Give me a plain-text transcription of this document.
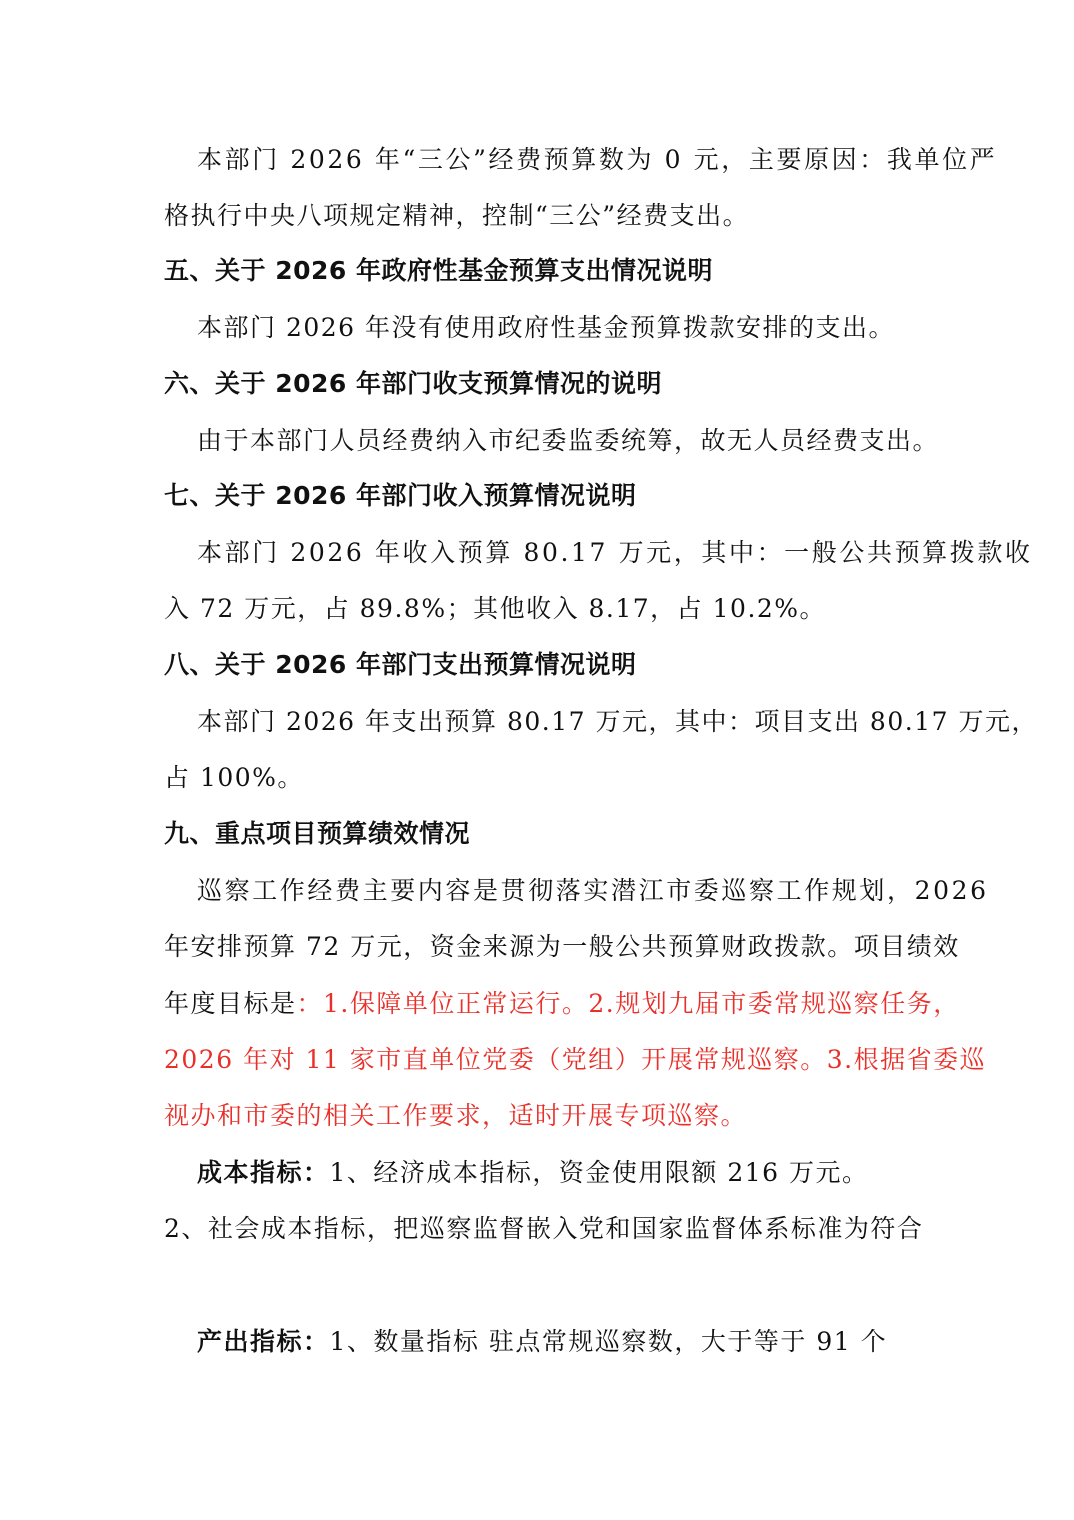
本部门 2026 年“三公”经费预算数为 0 元，主要原因：我单位严
格执行中央八项规定精神，控制“三公”经费支出。
五、关于 2026 年政府性基金预算支出情况说明
本部门 2026 年没有使用政府性基金预算拨款安排的支出。
六、关于 2026 年部门收支预算情况的说明
由于本部门人员经费纳入市纪委监委统筹，故无人员经费支出。
七、关于 2026 年部门收入预算情况说明
本部门 2026 年收入预算 80.17 万元，其中：一般公共预算拨款收
入 72 万元，占 89.8%；其他收入 8.17，占 10.2%。
八、关于 2026 年部门支出预算情况说明
本部门 2026 年支出预算 80.17 万元，其中：项目支出 80.17 万元，
占 100%。
九、重点项目预算绩效情况
巡察工作经费主要内容是贯彻落实潜江市委巡察工作规划，2026
年安排预算 72 万元，资金来源为一般公共预算财政拨款。项目绩效
年度目标是：1.保障单位正常运行。2.规划九届市委常规巡察任务，
2026 年对 11 家市直单位党委（党组）开展常规巡察。3.根据省委巡
视办和市委的相关工作要求，适时开展专项巡察。
成本指标：1、经济成本指标，资金使用限额 216 万元。
2、社会成本指标，把巡察监督嵌入党和国家监督体系标准为符合
产出指标：1、数量指标 驻点常规巡察数，大于等于 91 个
